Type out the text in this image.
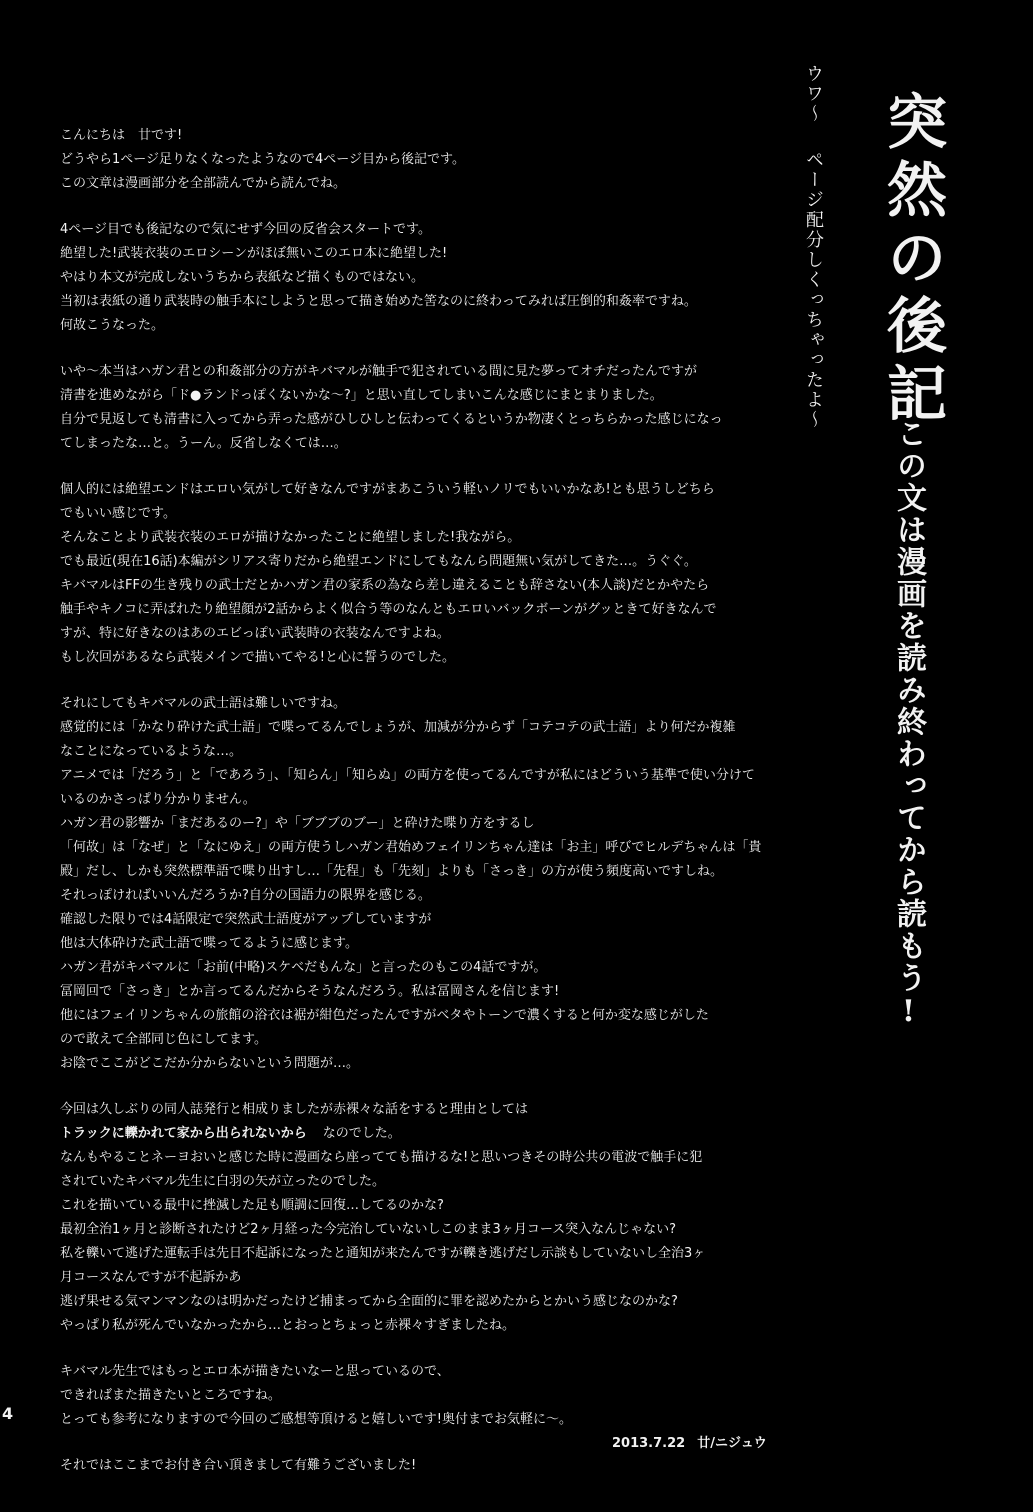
突然の後記
この文は漫画を読み終わってから読もう!
ウワ〜ページ配分しくっちゃったよ〜
こんにちは　廿です!
どうやら1ページ足りなくなったようなので4ページ目から後記です。
この文章は漫画部分を全部読んでから読んでね。
4ページ目でも後記なので気にせず今回の反省会スタートです。
絶望した!武装衣装のエロシーンがほぼ無いこのエロ本に絶望した!
やはり本文が完成しないうちから表紙など描くものではない。
当初は表紙の通り武装時の触手本にしようと思って描き始めた筈なのに終わってみれば圧倒的和姦率ですね。
何故こうなった。
いや〜本当はハガン君との和姦部分の方がキバマルが触手で犯されている間に見た夢ってオチだったんですが
清書を進めながら「ド●ランドっぽくないかな〜?」と思い直してしまいこんな感じにまとまりました。
自分で見返しても清書に入ってから弄った感がひしひしと伝わってくるというか物凄くとっちらかった感じになっ
てしまったな…と。うーん。反省しなくては…。
個人的には絶望エンドはエロい気がして好きなんですがまあこういう軽いノリでもいいかなあ!とも思うしどちら
でもいい感じです。
そんなことより武装衣装のエロが描けなかったことに絶望しました!我ながら。
でも最近(現在16話)本編がシリアス寄りだから絶望エンドにしてもなんら問題無い気がしてきた…。うぐぐ。
キバマルはFFの生き残りの武士だとかハガン君の家系の為なら差し違えることも辞さない(本人談)だとかやたら
触手やキノコに弄ばれたり絶望顔が2話からよく似合う等のなんともエロいバックボーンがグッときて好きなんで
すが、特に好きなのはあのエビっぽい武装時の衣装なんですよね。
もし次回があるなら武装メインで描いてやる!と心に誓うのでした。
それにしてもキバマルの武士語は難しいですね。
感覚的には「かなり砕けた武士語」で喋ってるんでしょうが、加減が分からず「コテコテの武士語」より何だか複雑
なことになっているような…。
アニメでは「だろう」と「であろう」、「知らん」「知らぬ」の両方を使ってるんですが私にはどういう基準で使い分けて
いるのかさっぱり分かりません。
ハガン君の影響か「まだあるのー?」や「ブブブのブー」と砕けた喋り方をするし
「何故」は「なぜ」と「なにゆえ」の両方使うしハガン君始めフェイリンちゃん達は「お主」呼びでヒルデちゃんは「貴
殿」だし、しかも突然標準語で喋り出すし…「先程」も「先刻」よりも「さっき」の方が使う頻度高いですしね。
それっぽければいいんだろうか?自分の国語力の限界を感じる。
確認した限りでは4話限定で突然武士語度がアップしていますが
他は大体砕けた武士語で喋ってるように感じます。
ハガン君がキバマルに「お前(中略)スケベだもんな」と言ったのもこの4話ですが。
冨岡回で「さっき」とか言ってるんだからそうなんだろう。私は冨岡さんを信じます!
他にはフェイリンちゃんの旅館の浴衣は裾が紺色だったんですがベタやトーンで濃くすると何か変な感じがした
ので敢えて全部同じ色にしてます。
お陰でここがどこだか分からないという問題が…。
今回は久しぶりの同人誌発行と相成りましたが赤裸々な話をすると理由としては
トラックに轢かれて家から出られないから なのでした。
なんもやることネーヨおいと感じた時に漫画なら座ってても描けるな!と思いつきその時公共の電波で触手に犯
されていたキバマル先生に白羽の矢が立ったのでした。
これを描いている最中に挫滅した足も順調に回復…してるのかな?
最初全治1ヶ月と診断されたけど2ヶ月経った今完治していないしこのまま3ヶ月コース突入なんじゃない?
私を轢いて逃げた運転手は先日不起訴になったと通知が来たんですが轢き逃げだし示談もしていないし全治3ヶ
月コースなんですが不起訴かあ
逃げ果せる気マンマンなのは明かだったけど捕まってから全面的に罪を認めたからとかいう感じなのかな?
やっぱり私が死んでいなかったから…とおっとちょっと赤裸々すぎましたね。
キバマル先生ではもっとエロ本が描きたいなーと思っているので、
できればまた描きたいところですね。
とっても参考になりますので今回のご感想等頂けると嬉しいです!奥付までお気軽に〜。
それではここまでお付き合い頂きまして有難うございました!
4
2013.7.22 廿/ニジュウ
